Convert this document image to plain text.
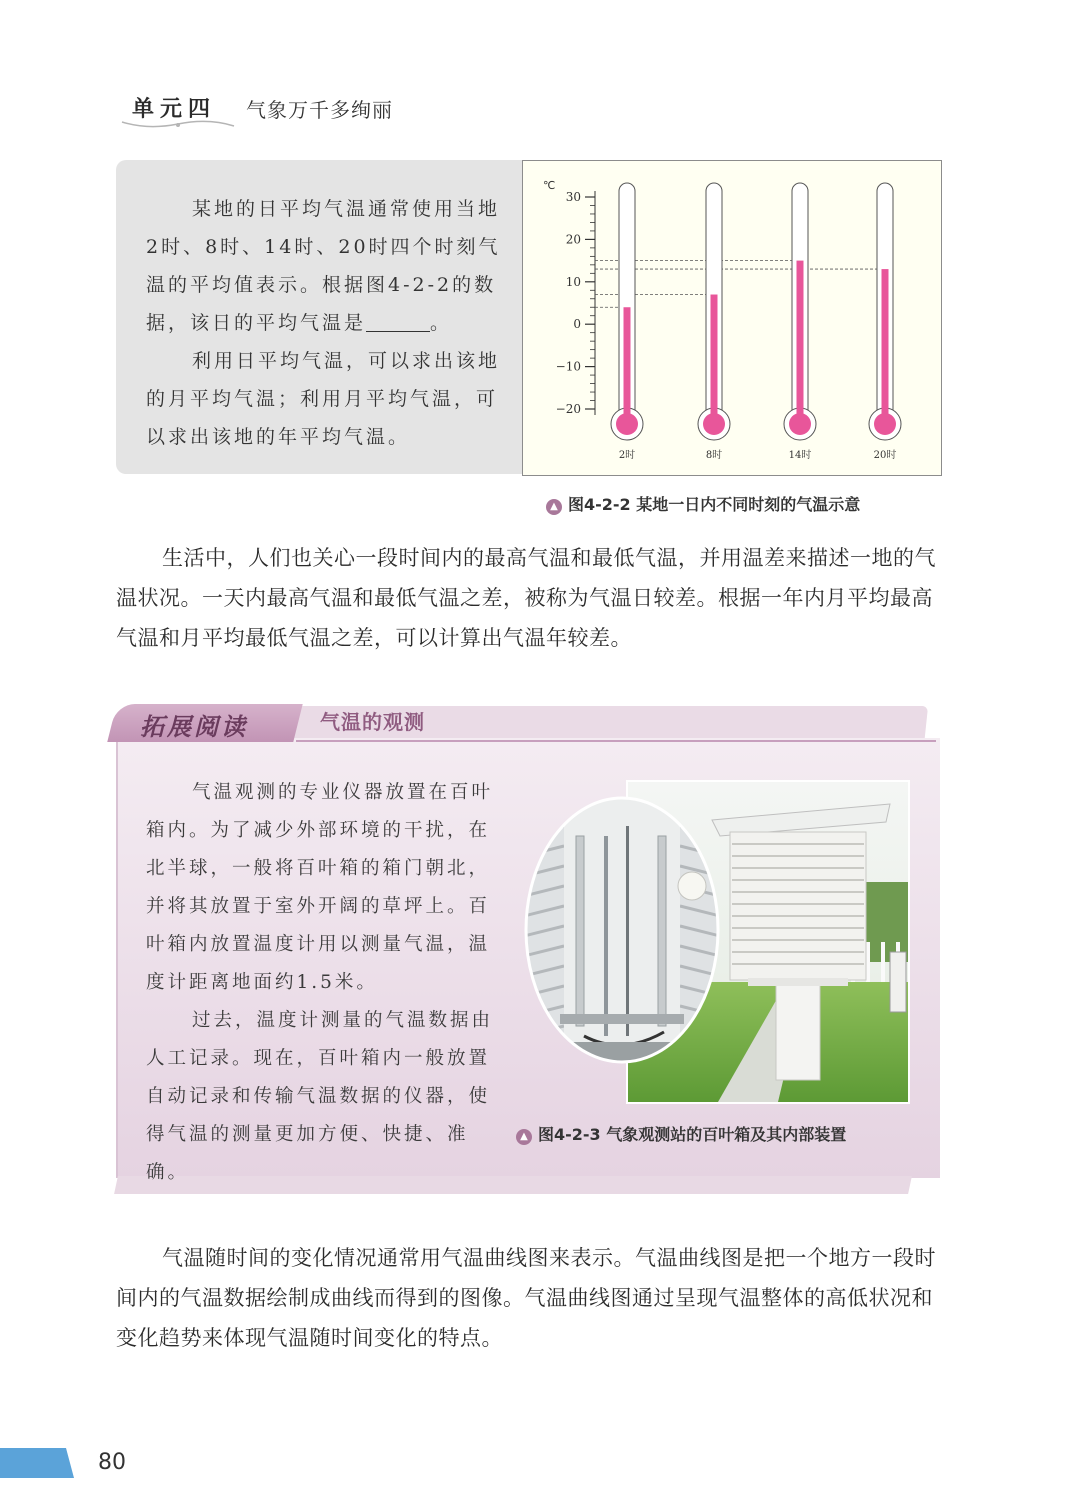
单元四 气象万千多绚丽
某地的日平均气温通常使用当地2时、8时、14时、20时四个时刻气温的平均值表示。根据图4-2-2的数据，该日的平均气温是	。
利用日平均气温，可以求出该地的月平均气温；利用月平均气温，可以求出该地的年平均气温。
℃
30
20
10
0
−10
−20
2时	8时	14时	20时
▲ 图4-2-2 某地一日内不同时刻的气温示意
生活中，人们也关心一段时间内的最高气温和最低气温，并用温差来描述一地的气温状况。一天内最高气温和最低气温之差，被称为气温日较差。根据一年内月平均最高气温和月平均最低气温之差，可以计算出气温年较差。
拓展阅读	气温的观测
气温观测的专业仪器放置在百叶箱内。为了减少外部环境的干扰，在北半球，一般将百叶箱的箱门朝北，并将其放置于室外开阔的草坪上。百叶箱内放置温度计用以测量气温，温度计距离地面约1.5米。
过去，温度计测量的气温数据由人工记录。现在，百叶箱内一般放置自动记录和传输气温数据的仪器，使得气温的测量更加方便、快捷、准确。
▲ 图4-2-3 气象观测站的百叶箱及其内部装置
气温随时间的变化情况通常用气温曲线图来表示。气温曲线图是把一个地方一段时间内的气温数据绘制成曲线而得到的图像。气温曲线图通过呈现气温整体的高低状况和变化趋势来体现气温随时间变化的特点。
80
